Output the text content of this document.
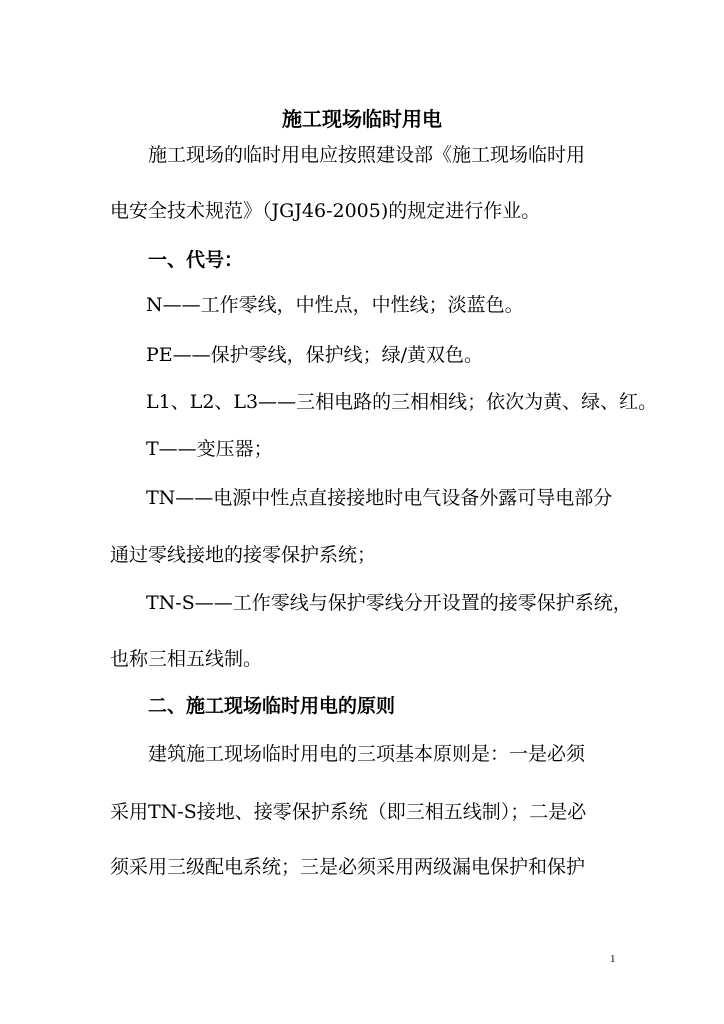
施工现场临时用电
施工现场的临时用电应按照建设部《施工现场临时用
电安全技术规范》（JGJ46-2005)的规定进行作业。
一、代号：
N——工作零线，中性点，中性线；淡蓝色。
PE——保护零线，保护线；绿/黄双色。
L1、L2、L3——三相电路的三相相线；依次为黄、绿、红。
T——变压器；
TN——电源中性点直接接地时电气设备外露可导电部分
通过零线接地的接零保护系统；
TN-S——工作零线与保护零线分开设置的接零保护系统，
也称三相五线制。
二、施工现场临时用电的原则
建筑施工现场临时用电的三项基本原则是：一是必须
采用TN-S接地、接零保护系统（即三相五线制）；二是必
须采用三级配电系统；三是必须采用两级漏电保护和保护
1
